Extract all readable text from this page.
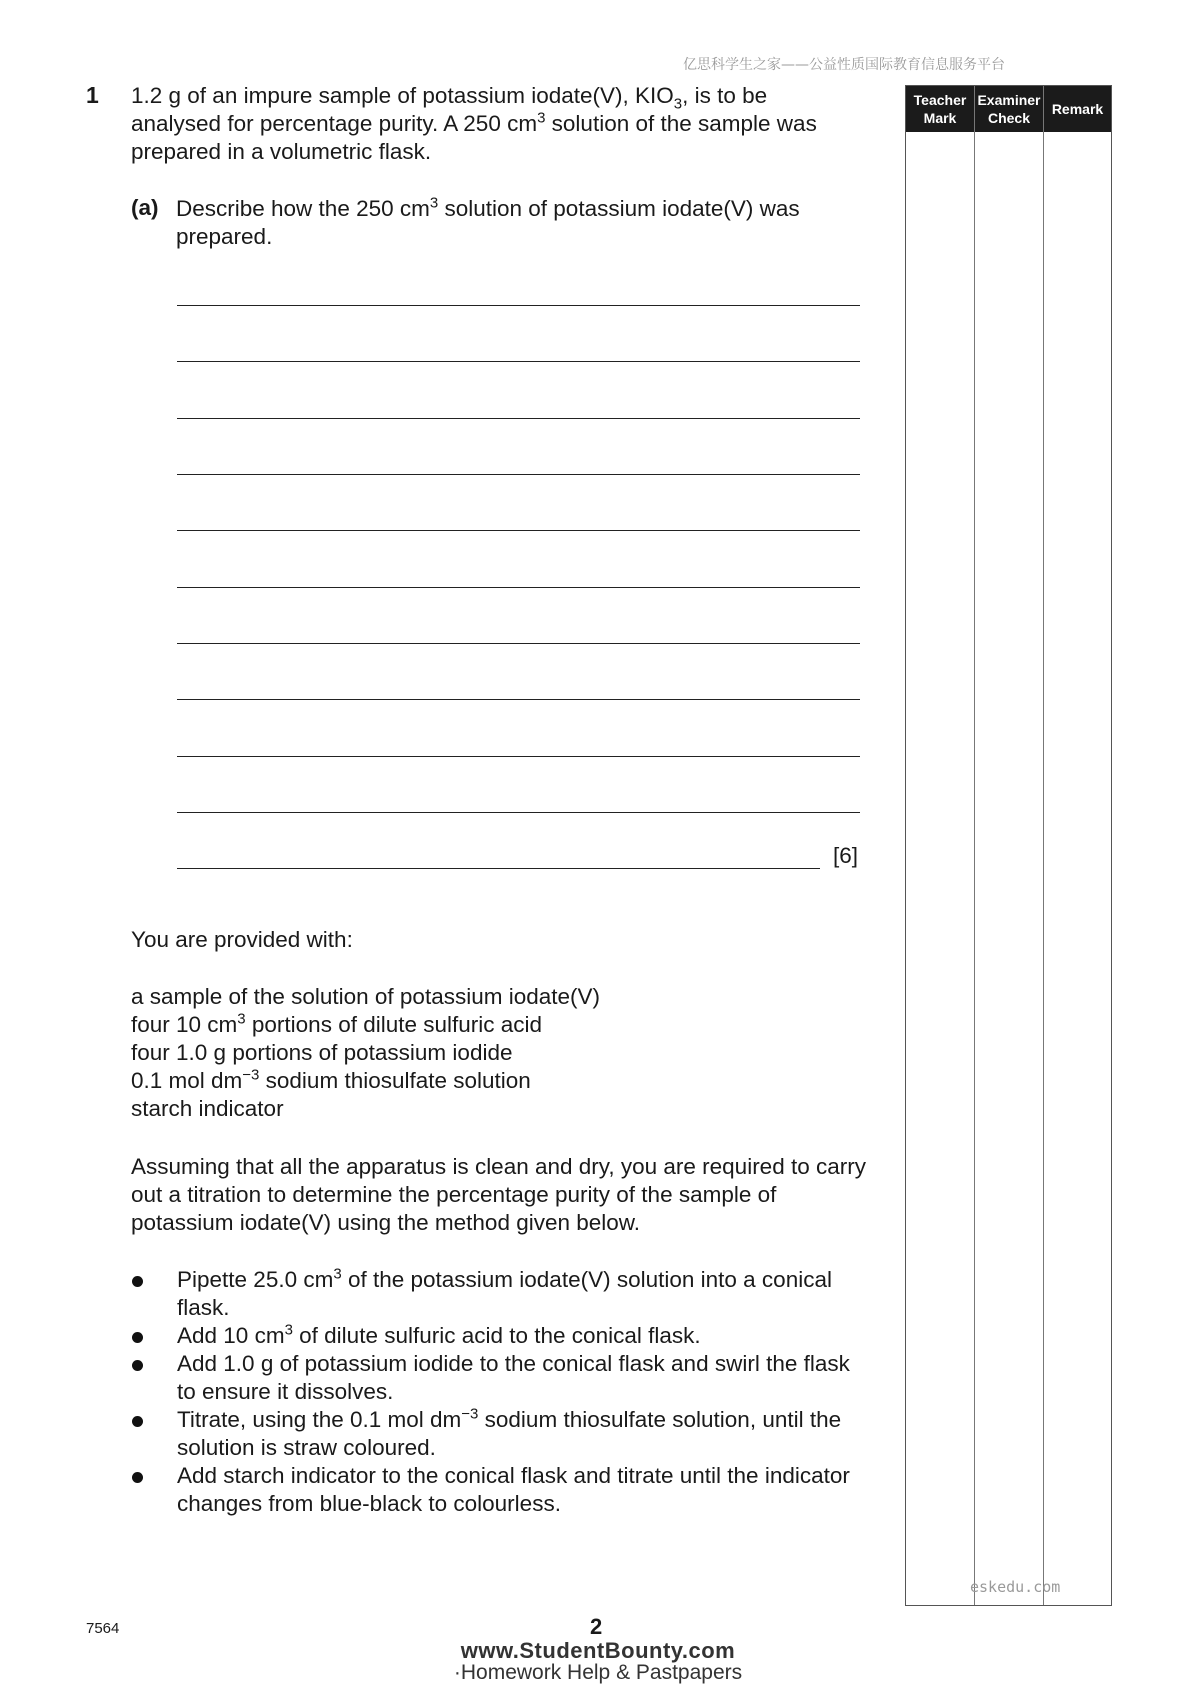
亿思科学生之家——公益性质国际教育信息服务平台
1 1.2 g of an impure sample of potassium iodate(V), $KIO_3$, is to be analysed for percentage purity. A 250 $cm^3$ solution of the sample was prepared in a volumetric flask.
(a) Describe how the 250 $cm^3$ solution of potassium iodate(V) was prepared.
[6]
You are provided with:
a sample of the solution of potassium iodate(V)
four 10 $cm^3$ portions of dilute sulfuric acid
four 1.0 g portions of potassium iodide
0.1 mol $dm^{-3}$ sodium thiosulfate solution
starch indicator
Assuming that all the apparatus is clean and dry, you are required to carry out a titration to determine the percentage purity of the sample of potassium iodate(V) using the method given below.
Pipette 25.0 $cm^3$ of the potassium iodate(V) solution into a conical flask.
Add 10 $cm^3$ of dilute sulfuric acid to the conical flask.
Add 1.0 g of potassium iodide to the conical flask and swirl the flask to ensure it dissolves.
Titrate, using the 0.1 mol $dm^{-3}$ sodium thiosulfate solution, until the solution is straw coloured.
Add starch indicator to the conical flask and titrate until the indicator changes from blue-black to colourless.
Teacher Mark
Examiner Check
Remark
eskedu.com
7564	2
www.StudentBounty.com
·Homework Help & Pastpapers
